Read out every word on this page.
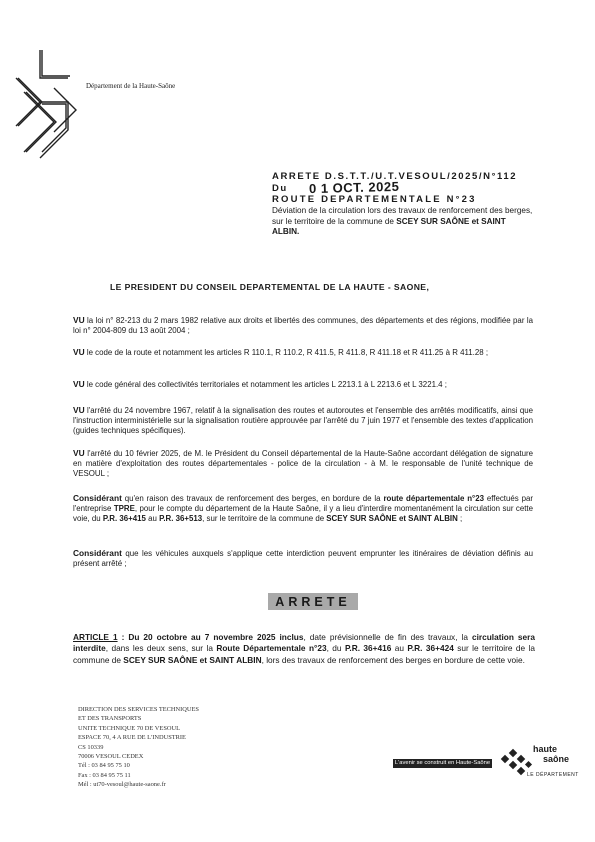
Département de la Haute-Saône
ARRETE D.S.T.T./U.T.VESOUL/2025/N°112
Du 0 1 OCT. 2025
ROUTE DEPARTEMENTALE N°23
Déviation de la circulation lors des travaux de renforcement des berges, sur le territoire de la commune de SCEY SUR SAÔNE et SAINT ALBIN.
LE PRESIDENT DU CONSEIL DEPARTEMENTAL DE LA HAUTE - SAONE,
VU la loi n° 82-213 du 2 mars 1982 relative aux droits et libertés des communes, des départements et des régions, modifiée par la loi n° 2004-809 du 13 août 2004 ;
VU le code de la route et notamment les articles R 110.1, R 110.2, R 411.5, R 411.8, R 411.18 et R 411.25 à R 411.28 ;
VU le code général des collectivités territoriales et notamment les articles L 2213.1 à L 2213.6 et L 3221.4 ;
VU l'arrêté du 24 novembre 1967, relatif à la signalisation des routes et autoroutes et l'ensemble des arrêtés modificatifs, ainsi que l'instruction interministérielle sur la signalisation routière approuvée par l'arrêté du 7 juin 1977 et l'ensemble des textes d'application (guides techniques spécifiques).
VU l'arrêté du 10 février 2025, de M. le Président du Conseil départemental de la Haute-Saône accordant délégation de signature en matière d'exploitation des routes départementales - police de la circulation - à M. le responsable de l'unité technique de VESOUL ;
Considérant qu'en raison des travaux de renforcement des berges, en bordure de la route départementale n°23 effectués par l'entreprise TPRE, pour le compte du département de la Haute Saône, il y a lieu d'interdire momentanément la circulation sur cette voie, du P.R. 36+415 au P.R. 36+513, sur le territoire de la commune de SCEY SUR SAÔNE et SAINT ALBIN ;
Considérant que les véhicules auxquels s'applique cette interdiction peuvent emprunter les itinéraires de déviation définis au présent arrêté ;
ARRETE
ARTICLE 1 : Du 20 octobre au 7 novembre 2025 inclus, date prévisionnelle de fin des travaux, la circulation sera interdite, dans les deux sens, sur la Route Départementale n°23, du P.R. 36+416 au P.R. 36+424 sur le territoire de la commune de SCEY SUR SAÔNE et SAINT ALBIN, lors des travaux de renforcement des berges en bordure de cette voie.
DIRECTION DES SERVICES TECHNIQUES
ET DES TRANSPORTS
UNITE TECHNIQUE 70 DE VESOUL
ESPACE 70, 4 A RUE DE L'INDUSTRIE
CS 10339
70006 VESOUL CEDEX
Tél : 03 84 95 75 10
Fax : 03 84 95 75 11
Mél : ut70-vesoul@haute-saone.fr
L'avenir se construit en Haute-Saône
haute
saône
LE DÉPARTEMENT
